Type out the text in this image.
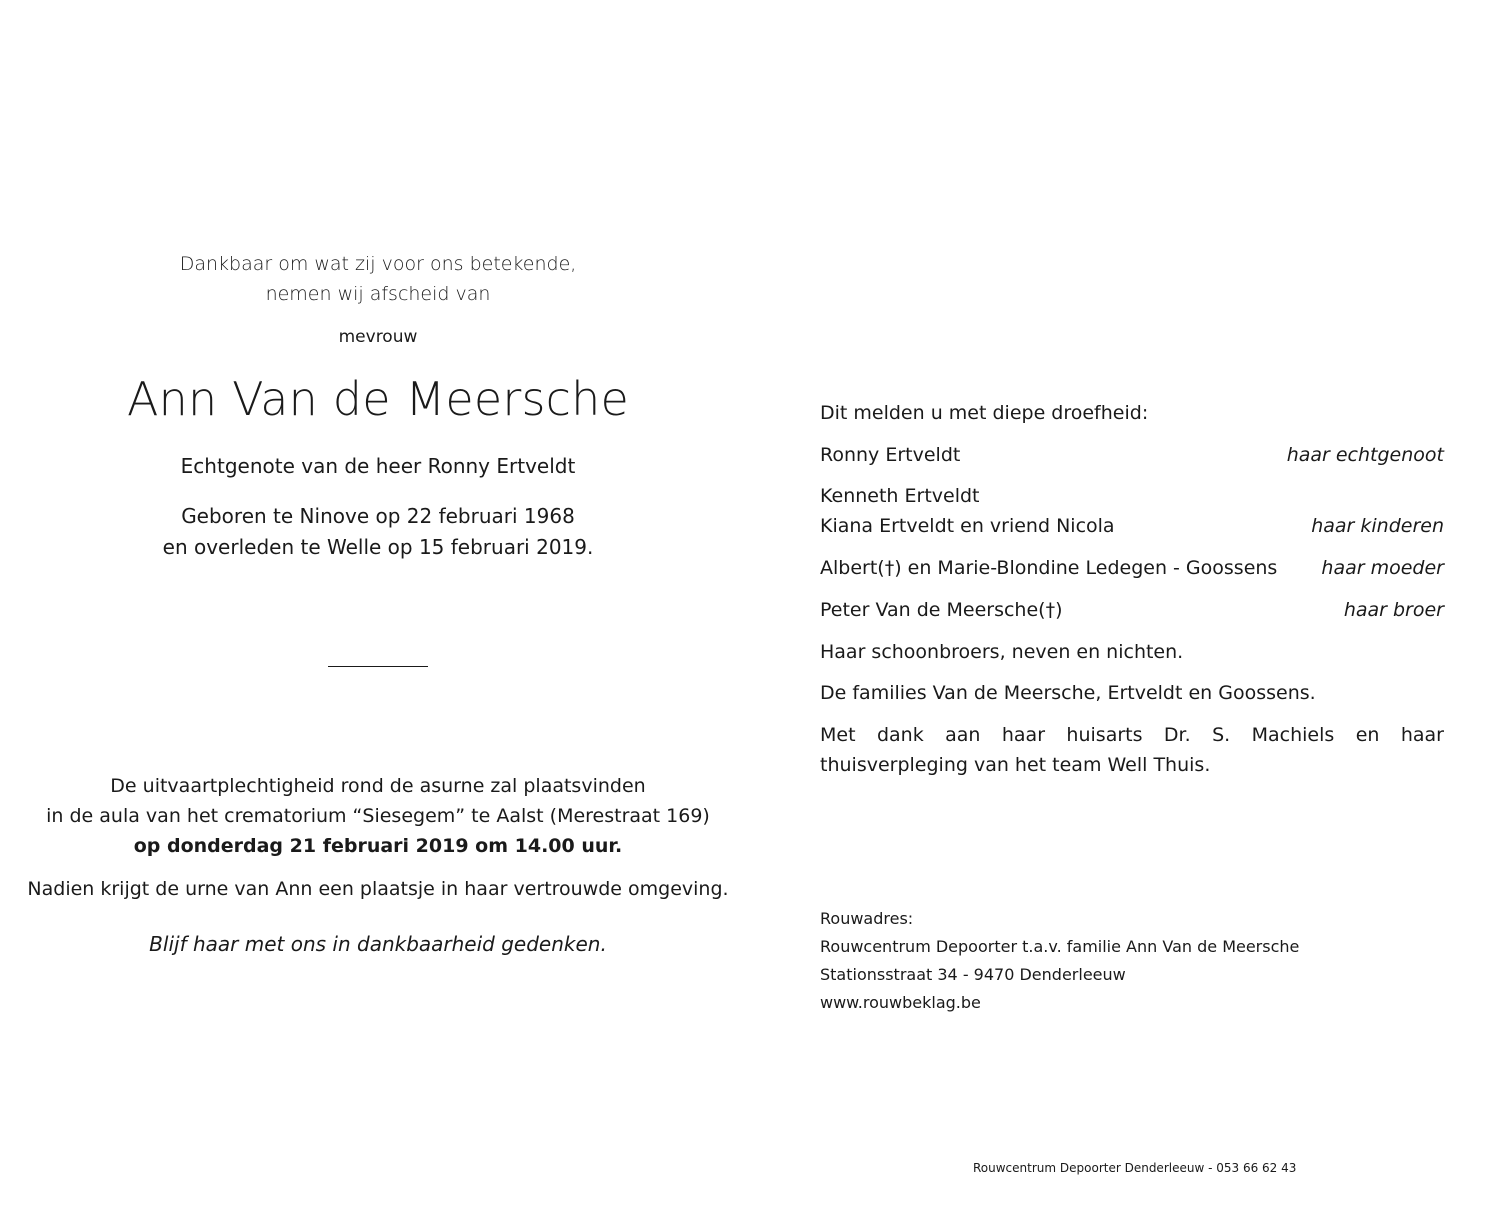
Dankbaar om wat zij voor ons betekende,
nemen wij afscheid van
mevrouw
Ann Van de Meersche
Echtgenote van de heer Ronny Ertveldt
Geboren te Ninove op 22 februari 1968
en overleden te Welle op 15 februari 2019.
De uitvaartplechtigheid rond de asurne zal plaatsvinden
in de aula van het crematorium “Siesegem” te Aalst (Merestraat 169)
op donderdag 21 februari 2019 om 14.00 uur.
Nadien krijgt de urne van Ann een plaatsje in haar vertrouwde omgeving.
Blijf haar met ons in dankbaarheid gedenken.
Dit melden u met diepe droefheid:
Ronny Ertveldt	haar echtgenoot
Kenneth Ertveldt
Kiana Ertveldt en vriend Nicola	haar kinderen
Albert(†) en Marie-Blondine Ledegen - Goossens haar moeder
Peter Van de Meersche(†)	haar broer
Haar schoonbroers, neven en nichten.
De families Van de Meersche, Ertveldt en Goossens.
Met dank aan haar huisarts Dr. S. Machiels en haar thuisverpleging van het team Well Thuis.
Rouwadres:
Rouwcentrum Depoorter t.a.v. familie Ann Van de Meersche
Stationsstraat 34 - 9470 Denderleeuw
www.rouwbeklag.be
Rouwcentrum Depoorter Denderleeuw - 053 66 62 43
